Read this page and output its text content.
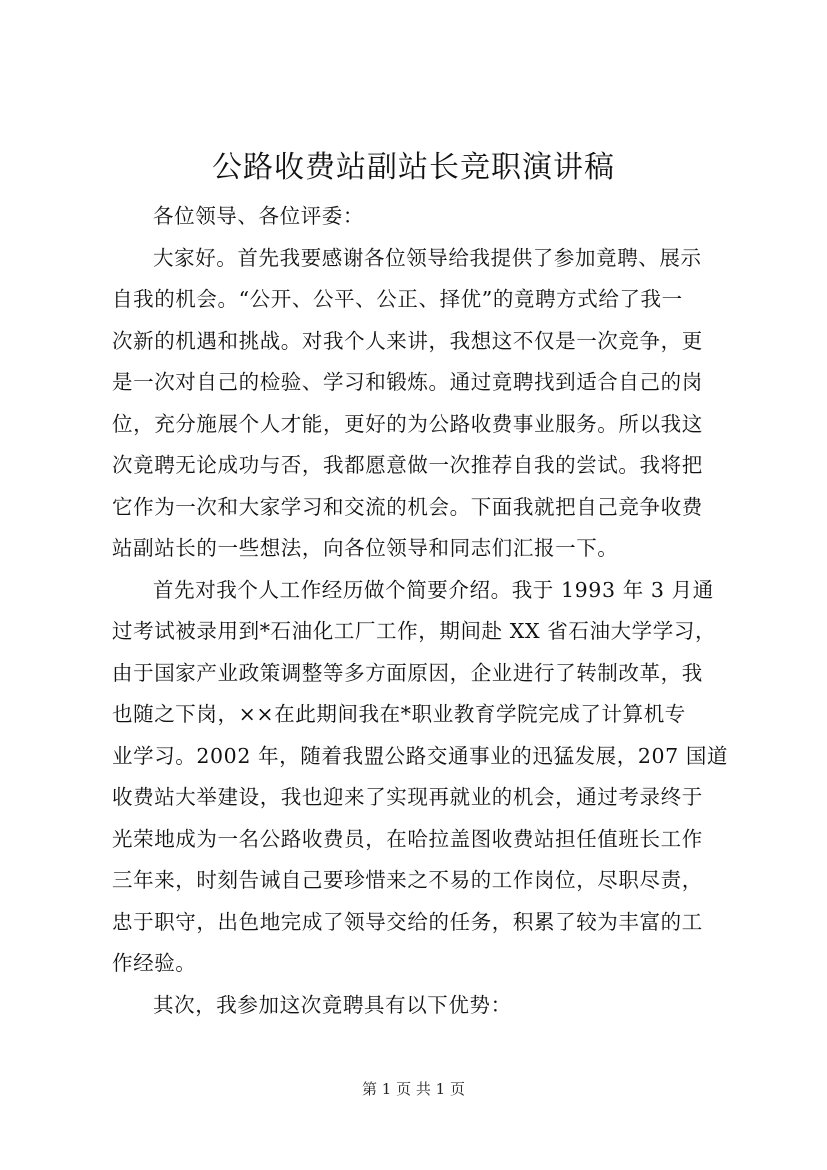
公路收费站副站长竞职演讲稿
各位领导、各位评委：
大家好。首先我要感谢各位领导给我提供了参加竟聘、展示
自我的机会。“公开、公平、公正、择优”的竟聘方式给了我一
次新的机遇和挑战。对我个人来讲，我想这不仅是一次竞争，更
是一次对自己的检验、学习和锻炼。通过竟聘找到适合自己的岗
位，充分施展个人才能，更好的为公路收费事业服务。所以我这
次竟聘无论成功与否，我都愿意做一次推荐自我的尝试。我将把
它作为一次和大家学习和交流的机会。下面我就把自己竞争收费
站副站长的一些想法，向各位领导和同志们汇报一下。
首先对我个人工作经历做个简要介绍。我于 1993 年 3 月通
过考试被录用到*石油化工厂工作，期间赴 XX 省石油大学学习，
由于国家产业政策调整等多方面原因，企业进行了转制改革，我
也随之下岗，××在此期间我在*职业教育学院完成了计算机专
业学习。2002 年，随着我盟公路交通事业的迅猛发展，207 国道
收费站大举建设，我也迎来了实现再就业的机会，通过考录终于
光荣地成为一名公路收费员，在哈拉盖图收费站担任值班长工作
三年来，时刻告诫自己要珍惜来之不易的工作岗位，尽职尽责，
忠于职守，出色地完成了领导交给的任务，积累了较为丰富的工
作经验。
其次，我参加这次竟聘具有以下优势：
第 1 页 共 1 页
